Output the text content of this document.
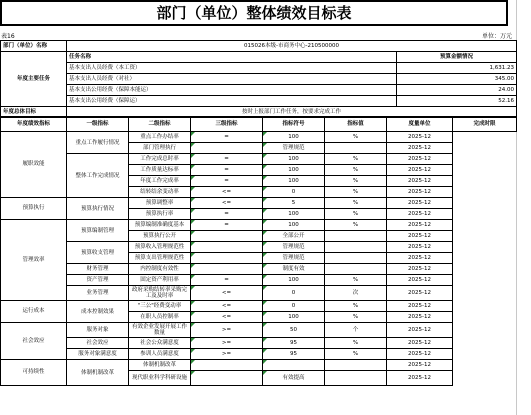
部门（单位）整体绩效目标表
表16	单位：万元
部门（单位）名称	015026本级-市商务中心-210500000	
年度主要任务	任务名称	预算金额情况
	基本支出人员经费（本工资）	1,631.23
	基本支出人员经费（对社）	345.00
	基本支出公用经费（保障本能运）	24.00
	基本支出公用经费（保障运）	52.16
年度总体目标	按时上报部门工作任务，按要求完成工作	
年度绩效指标	一级指标	二级指标	三级指标	指标符号	指标值	度量单位	完成时限
履职效能	重点工作履行情况	重点工作办结率	=	100	%	2025-12	
		部门管理执行		管理规范		2025-12	
	整体工作完成情况	工作完成总时率	=	100	%	2025-12	
		工作质量达标率	=	100	%	2025-12	
		年度工作完成率	=	100	%	2025-12	
		结转结余变动率	<=	0	%	2025-12	
预算执行	预算执行情况	预算调整率	<=	5	%	2025-12	
		预算执行率	=	100	%	2025-12	
管理效率	预算编制管理	预算编制准确度基本	=	100	%	2025-12	
		预算执行公开		全部公开		2025-12	
	预算收支管理	预算收入管理规范性		管理规范		2025-12	
		预算支出管理规范性		管理规范		2025-12	
	财务管理	内控制度有效性		制度有效		2025-12	
	资产管理	固定资产利用率	=	100	%	2025-12	
	业务管理	政府采购结转率采购完工及及时率	<=	0	次	2025-12	
运行成本	成本控制效果	"三公"经费变动率	<=	0	%	2025-12	
		在职人员控制率	<=	100	%	2025-12	
社会效应	服务对象	有效企业发展开展工作数量	>=	50	个	2025-12	
	社会效应	社会公众满意度	>=	95	%	2025-12	
	服务对象满意度	参训人员满意度	>=	95	%	2025-12	
可持续性	体制机制改革	体制机制改革				2025-12	
		现代职业科学科研设施		有效提高		2025-12	
